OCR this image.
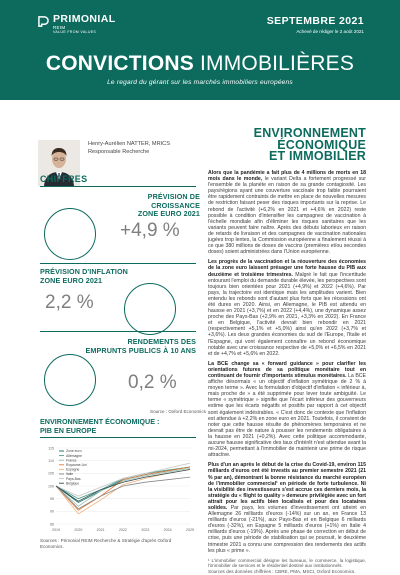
PRIMONIAL
REIM
VALUE FROM VALUES
SEPTEMBRE 2021
Achevé de rédiger le 2 août 2021
CONVICTIONS IMMOBILIÈRES
Le regard du gérant sur les marchés immobiliers européens
Henry-Aurélien NATTER, MRICS
Responsable Recherche
CHIFFRES
PRÉVISION DE CROISSANCE
ZONE EURO 2021
+4,9 %
PRÉVISION D'INFLATION
ZONE EURO 2021
2,2 %
RENDEMENTS DES
EMPRUNTS PUBLICS À 10 ANS
0,2 %
Source : Oxford Economics
ENVIRONNEMENT ÉCONOMIQUE :
PIB EN EUROPE
85
90
95
100
105
110
115
2019	2020	2021	2022	2023	2024	2025
Zone euro
Allemagne
France
Royaume-Uni
Espagne
Italie
Pays-Bas
Belgique
Sources : Primonial REIM Recherche & Stratégie d'après Oxford Economics.
ENVIRONNEMENT
ÉCONOMIQUE
ET IMMOBILIER

Alors que la pandémie a fait plus de 4 millions de morts en 18 mois dans le monde, le variant Delta a fortement progressé sur l'ensemble de la planète en raison de sa grande contagiosité. Les pays/régions ayant une couverture vaccinale trop faible pourraient être rapidement contraints de mettre en place de nouvelles mesures de restriction faisant peser des risques importants sur la reprise. Le rebond de l'activité (+6,2% en 2021 et +4,6% en 2022) reste possible à condition d'intensifier les campagnes de vaccination à l'échelle mondiale afin d'éliminer les risques sanitaires que les variants peuvent faire naître. Après des débuts laborieux en raison de retards de livraison et des campagnes de vaccination nationales jugées trop lentes, la Commission européenne a finalement réussi à ce que 380 millions de doses de vaccins (premières et/ou secondes doses) soient administrées dans l'Union européenne.

Les progrès de la vaccination et la réouverture des économies de la zone euro laissent présager une forte hausse du PIB aux deuxième et troisième trimestres. Malgré le fait que l'incertitude entourant l'emploi du demande durable élevée, les perspectives sont toujours bien orientées pour 2021 (+4,9%) et 2022 (+4,6%). Par pays, la trajectoire est identique mais les amplitudes varient. Bien entendu les rebonds sont d'autant plus forts que les récessions ont été dures en 2020. Ainsi, en Allemagne, le PIB est attendu en hausse en 2021 (+3,7%) et en 2022 (+4,4%), une dynamique assez proche des Pays-Bas (+2,9% en 2021, +3,3% en 2022). En France et en Belgique, l'activité devrait bien rebondir en 2021 (respectivement +5,1% et +5,0%) ainsi qu'en 2022 (+3,7% et +3,6%). Les deux grandes économies du sud de l'Europe, l'Italie et l'Espagne, qui vont également connaître un rebond économique notable avec une croissance respective de +5,0% et +6,5% en 2021 et de +4,7% et +5,6% en 2022.

La BCE change sa « forward guidance » pour clarifier les orientations futures de sa politique monétaire tout en continuant de fournir d'importants stimulus monétaires. La BCE affiche désormais « un objectif d'inflation symétrique de 2 % à moyen terme ». Avec la formulation d'objectif d'inflation « inférieur à, mais proche de » a été supprimée pour lever toute ambiguïté. Le terme « symétrique » signifie que l'écart inférieur des gouverneurs estime que les écarts négatifs et positifs par rapport à cet objectif sont également indésirables. « C'est donc de contexte que l'inflation est attendue à +2,2% en zone euro en 2021. Toutefois, il convient de noter que cette hausse résulte de phénomènes temporaires et ne devrait pas être de nature à pousser les rendements obligataires à la hausse en 2021 (+0,2%). Avec cette politique accommodante, aucune hausse significative des taux d'intérêt n'est attendue avant la mi-2024, permettant à l'immobilier de maintenir une prime de risque attractive.

Plus d'un an après le début de la crise du Covid-19, environ 115 milliards d'euros ont été investis au premier semestre 2021 (21 % par an), démontrant la bonne résistance du marché européen de l'immobilier commercial¹ en période de forte turbulence. Ni la visibilité des investisseurs s'est accrue ces derniers mois, la stratégie du « flight to quality » demeure privilégiée avec un fort attrait pour les actifs bien localisés et pour des locataires solides. Par pays, les volumes d'investissement ont atteint en Allemagne 26 milliards d'euros (-14%) sur un an, en France 13 milliards d'euros (-21%), aux Pays-Bas et en Belgique 6 milliards d'euros (-32%), en Espagne 5 milliards d'euros (+1%) en Italie 4 milliards d'euros (-19%). Après une phase de correction en début de crise, puis une période de stabilisation qui se poursuit, le deuxième trimestre 2021 a connu une compression des rendements des actifs les plus « prime ».

¹ L'immobilier commercial désigne les bureaux, le commerce, la logistique, l'immobilier de services et le résidentiel destiné aux institutionnels.
Sources des données chiffrées : CBRE, PMA, MSCI, Oxford Economics.
